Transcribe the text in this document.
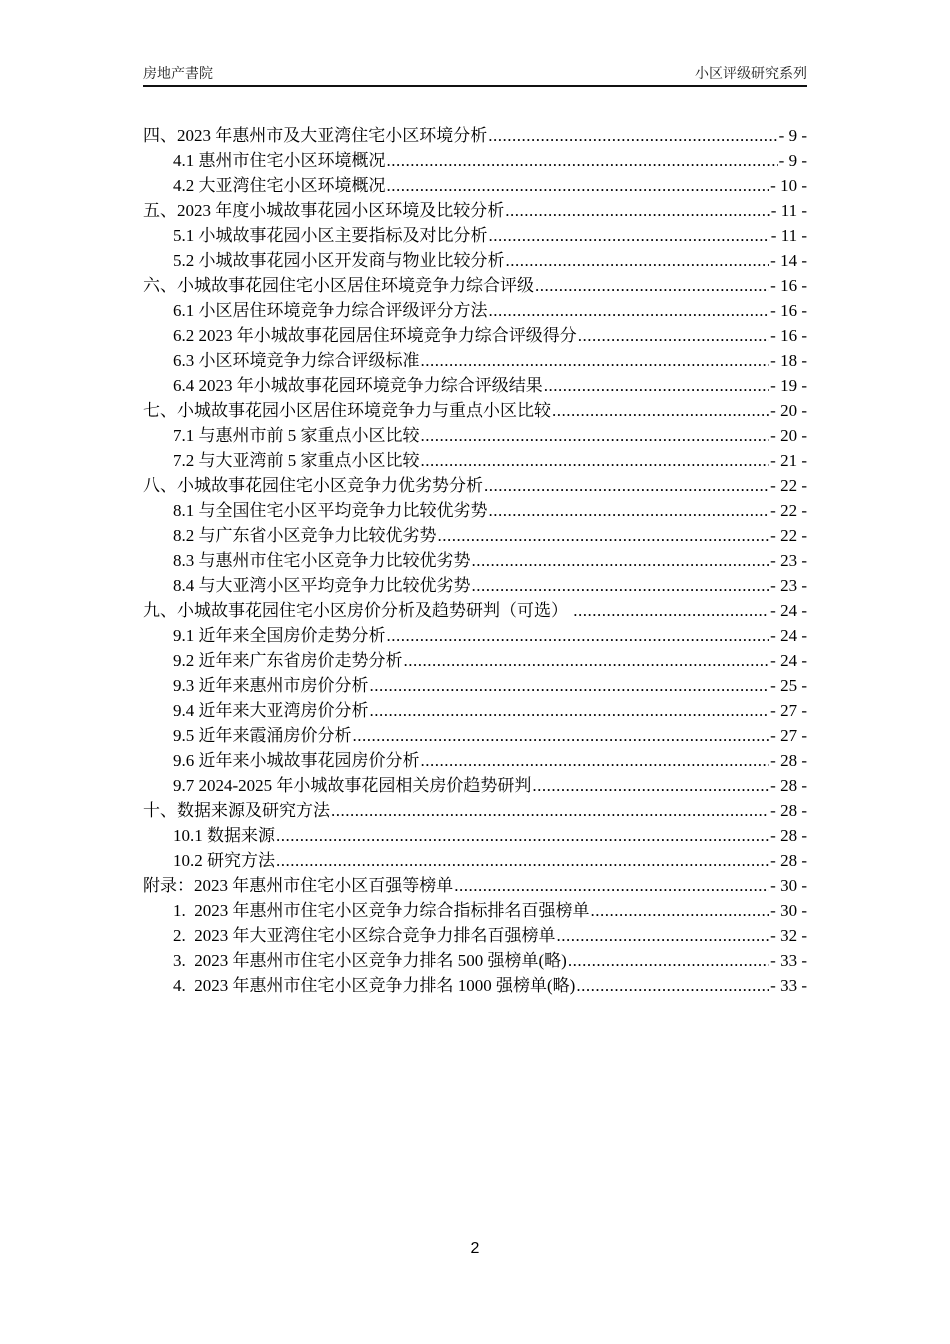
房地产書院	小区评级研究系列
四、2023 年惠州市及大亚湾住宅小区环境分析 .....	- 9 -
4.1 惠州市住宅小区环境概况 .....	- 9 -
4.2 大亚湾住宅小区环境概况 .....	- 10 -
五、2023 年度小城故事花园小区环境及比较分析 .....	- 11 -
5.1 小城故事花园小区主要指标及对比分析 .....	- 11 -
5.2 小城故事花园小区开发商与物业比较分析 .....	- 14 -
六、小城故事花园住宅小区居住环境竞争力综合评级 .....	- 16 -
6.1 小区居住环境竞争力综合评级评分方法 .....	- 16 -
6.2 2023 年小城故事花园居住环境竞争力综合评级得分 .....	- 16 -
6.3 小区环境竞争力综合评级标准 .....	- 18 -
6.4 2023 年小城故事花园环境竞争力综合评级结果 .....	- 19 -
七、小城故事花园小区居住环境竞争力与重点小区比较 .....	- 20 -
7.1 与惠州市前 5 家重点小区比较 .....	- 20 -
7.2 与大亚湾前 5 家重点小区比较 .....	- 21 -
八、小城故事花园住宅小区竞争力优劣势分析 .....	- 22 -
8.1 与全国住宅小区平均竞争力比较优劣势 .....	- 22 -
8.2 与广东省小区竞争力比较优劣势 .....	- 22 -
8.3 与惠州市住宅小区竞争力比较优劣势 .....	- 23 -
8.4 与大亚湾小区平均竞争力比较优劣势 .....	- 23 -
九、小城故事花园住宅小区房价分析及趋势研判（可选） .....	- 24 -
9.1 近年来全国房价走势分析 .....	- 24 -
9.2 近年来广东省房价走势分析 .....	- 24 -
9.3 近年来惠州市房价分析 .....	- 25 -
9.4 近年来大亚湾房价分析 .....	- 27 -
9.5 近年来霞涌房价分析 .....	- 27 -
9.6 近年来小城故事花园房价分析 .....	- 28 -
9.7 2024-2025 年小城故事花园相关房价趋势研判 .....	- 28 -
十、数据来源及研究方法 .....	- 28 -
10.1 数据来源 .....	- 28 -
10.2 研究方法 .....	- 28 -
附录：2023 年惠州市住宅小区百强等榜单 .....	- 30 -
1.  2023 年惠州市住宅小区竞争力综合指标排名百强榜单 .....	- 30 -
2.  2023 年大亚湾住宅小区综合竞争力排名百强榜单 .....	- 32 -
3.  2023 年惠州市住宅小区竞争力排名 500 强榜单(略) .....	- 33 -
4.  2023 年惠州市住宅小区竞争力排名 1000 强榜单(略) .....	- 33 -
2
